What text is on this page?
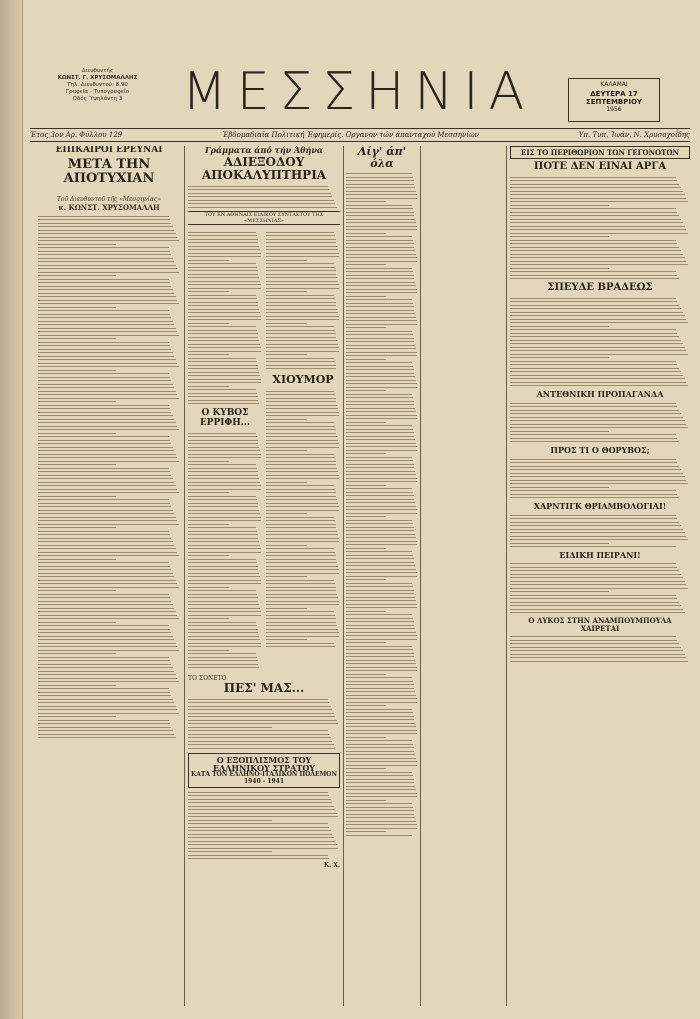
Διευθυντής
ΚΩΝΣΤ. Γ. ΧΡΥΣΟΜΑΛΛΗΣ
Τηλ. Διευθυντού: 8.90
Γραφεία - Τυπογραφείο
Οδός Ύψηλάντη 3	ΜΕΣΣΗΝΙΑ	ΚΑΛΑΜΑΙ
ΔΕΥΤΕΡΑ 17 ΣΕΠΤΕΜΒΡΙΟΥ
1956
Έτος 3ον Αρ. Φύλλου 129	Έβδομαδιαία Πολιτική Έφημερίς. Όργανον τών άπανταχού Μεσσηνίων	Υπ. Τυπ. Ίωάν. Ν. Χρυσοχοΐδης
ΕΠΙΚΑΙΡΟΙ ΕΡΕΥΝΑΙ
ΜΕΤΑ ΤΗΝ ΑΠΟΤΥΧΙΑΝ
Τοῦ Διευθυντοῦ τῆς «Μεσσηνίας»
κ. ΚΩΝΣΤ. ΧΡΥΣΟΜΑΛΛΗ
Γράμματα άπό τήν Άθήνα
ΑΔΙΕΞΟΔΟΥ ΑΠΟΚΑΛΥΠΤΗΡΙΑ
ΤΟΥ ΕΝ ΑΘΗΝΑΙΣ ΕΙΔΙΚΟΥ ΣΥΝΤΑΚΤΟΥ ΤΗΣ «ΜΕΣΣΗΝΙΑΣ»
Ο ΚΥΒΟΣ ΕΡΡΙΦΗ...
ΧΙΟΥΜΟΡ
ΤΟ ΣΟΝΕΤΟ
ΠΕΣ' ΜΑΣ...
Ο ΕΞΟΠΛΙΣΜΟΣ ΤΟΥ ΕΛΛΗΝΙΚΟΥ ΣΤΡΑΤΟΥ
ΚΑΤΑ ΤΟΝ ΕΛΛΗΝΟ-ΙΤΑΛΙΚΟΝ ΠΟΛΕΜΟΝ 1940 - 1941
Κ. Χ.
Λίγ' άπ' όλα
ΕΙΣ ΤΟ ΠΕΡΙΘΩΡΙΟΝ ΤΩΝ ΓΕΓΟΝΟΤΩΝ
ΠΟΤΕ ΔΕΝ ΕΙΝΑΙ ΑΡΓΑ
ΣΠΕΥΔΕ ΒΡΑΔΕΩΣ
ΑΝΤΕΘΝΙΚΗ ΠΡΟΠΑΓΑΝΔΑ
ΠΡΟΣ ΤΙ Ο ΘΟΡΥΒΟΣ;
ΧΑΡΝΤΙΓΚ ΘΡΙΑΜΒΟΛΟΓΙΑΙ!
ΕΙΔΙΚΗ ΠΕΙΡΑΝΙ!
Ο ΛΥΚΟΣ ΣΤΗΝ ΑΝΑΜΠΟΥΜΠΟΥΛΑ ΧΑΙΡΕΤΑΙ
